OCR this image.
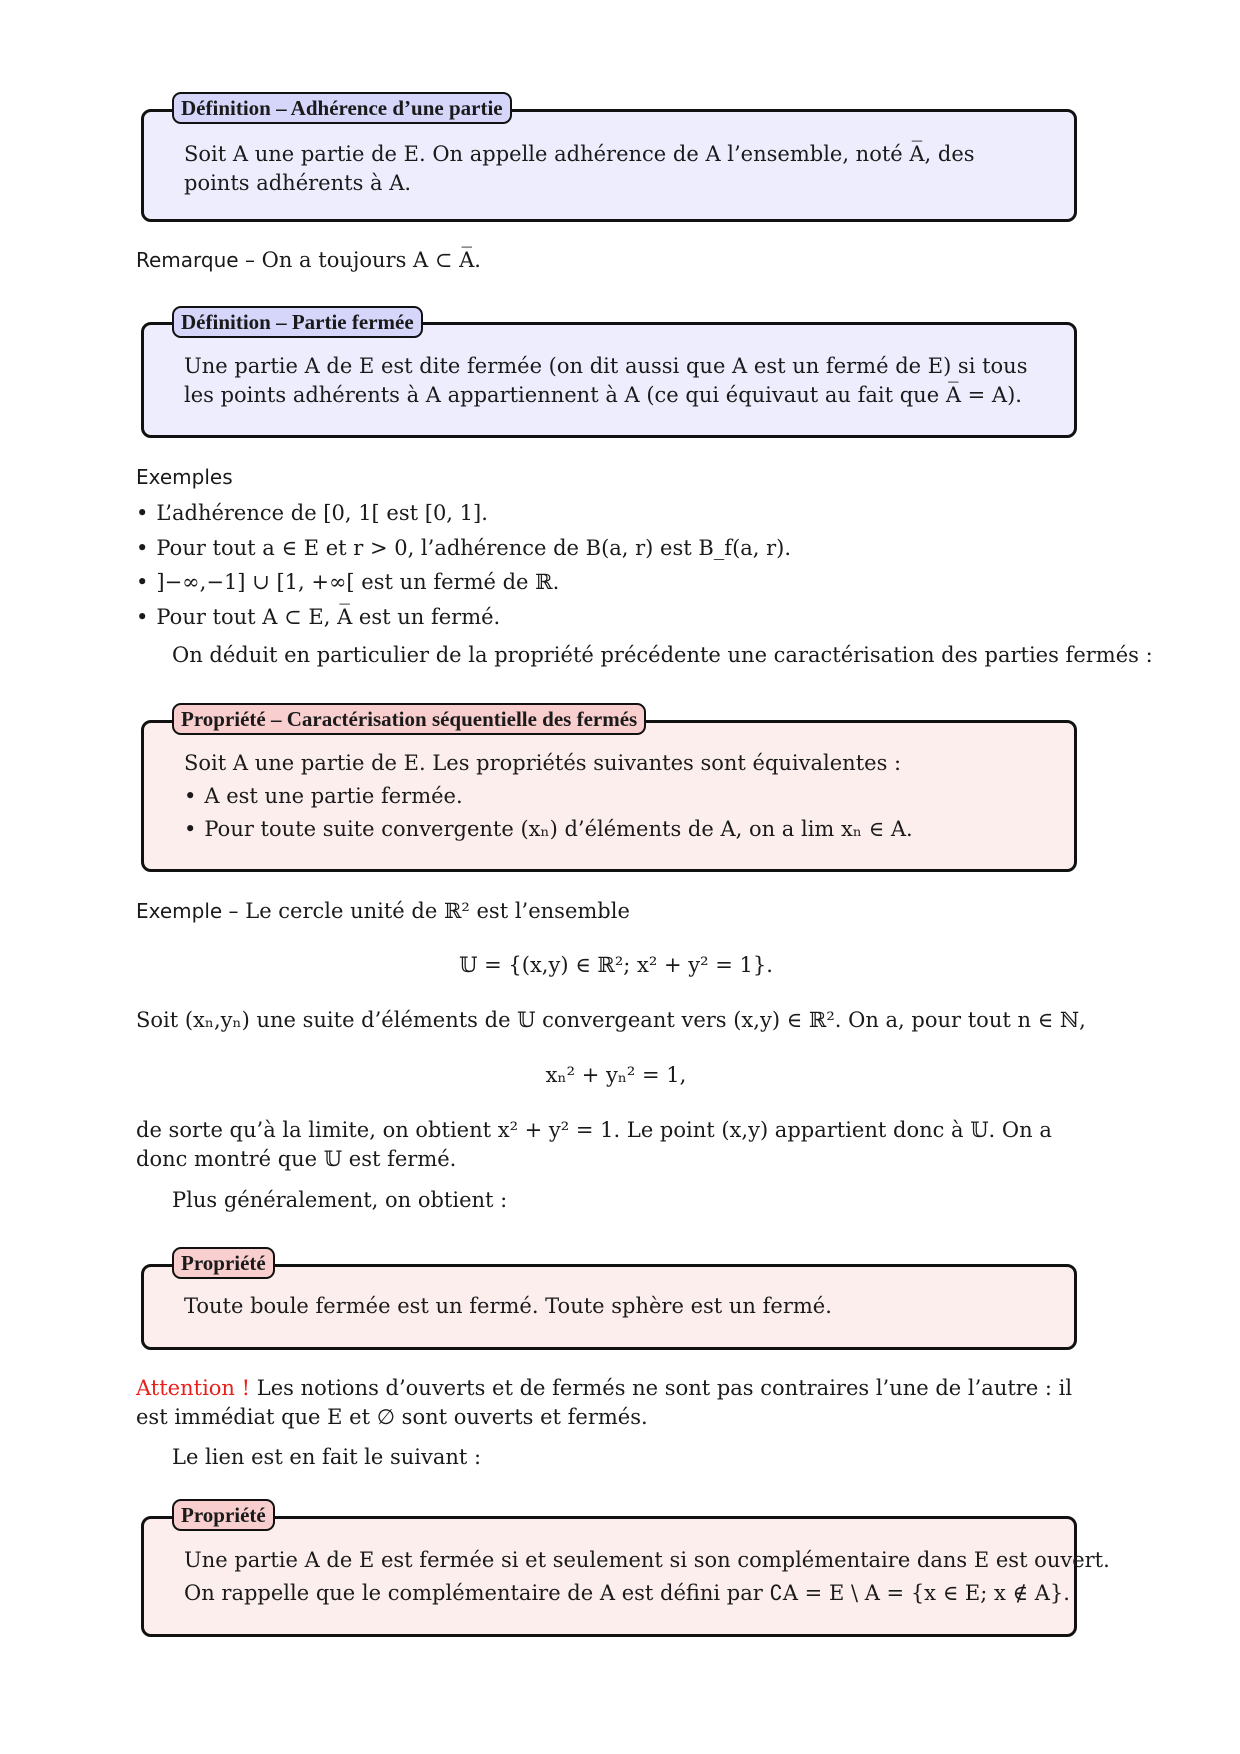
Soit A une partie de E. On appelle adhérence de A l’ensemble, noté A̅, des points adhérents à A.
Définition – Adhérence d’une partie
Remarque – On a toujours A ⊂ A̅.
Une partie A de E est dite fermée (on dit aussi que A est un fermé de E) si tous les points adhérents à A appartiennent à A (ce qui équivaut au fait que A̅ = A).
Définition – Partie fermée
Exemples
• L’adhérence de [0, 1[ est [0, 1].
• Pour tout a ∈ E et r > 0, l’adhérence de B(a, r) est B_f(a, r).
• ]−∞,−1] ∪ [1, +∞[ est un fermé de ℝ.
• Pour tout A ⊂ E, A̅ est un fermé.
On déduit en particulier de la propriété précédente une caractérisation des parties fermés :
Soit A une partie de E. Les propriétés suivantes sont équivalentes :
• A est une partie fermée.
• Pour toute suite convergente (xₙ) d’éléments de A, on a lim xₙ ∈ A.
Propriété – Caractérisation séquentielle des fermés
Exemple – Le cercle unité de ℝ² est l’ensemble
𝕌 = {(x,y) ∈ ℝ²; x² + y² = 1}.
Soit (xₙ,yₙ) une suite d’éléments de 𝕌 convergeant vers (x,y) ∈ ℝ². On a, pour tout n ∈ ℕ,
xₙ² + yₙ² = 1,
de sorte qu’à la limite, on obtient x² + y² = 1. Le point (x,y) appartient donc à 𝕌. On a donc montré que 𝕌 est fermé.
Plus généralement, on obtient :
Toute boule fermée est un fermé. Toute sphère est un fermé.
Propriété
Attention ! Les notions d’ouverts et de fermés ne sont pas contraires l’une de l’autre : il est immédiat que E et ∅ sont ouverts et fermés.
Le lien est en fait le suivant :
Une partie A de E est fermée si et seulement si son complémentaire dans E est ouvert.
On rappelle que le complémentaire de A est défini par ∁A = E \ A = {x ∈ E; x ∉ A}.
Propriété
